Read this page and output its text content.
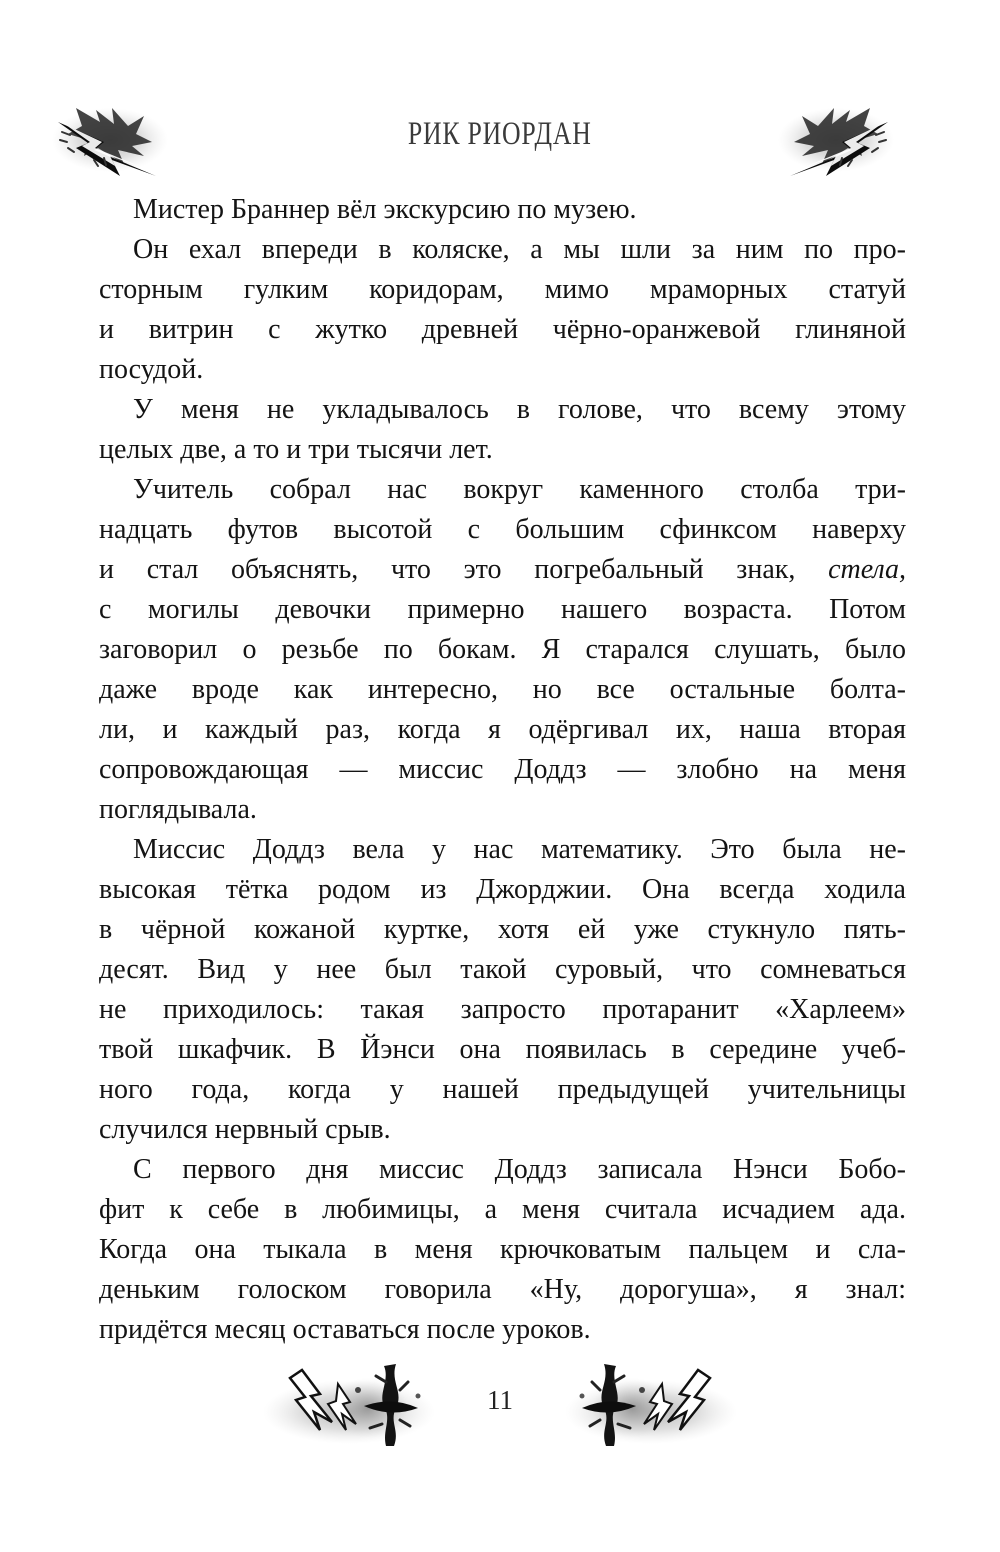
РИК РИОРДАН
Мистер Браннер вёл экскурсию по музею.
Он ехал впереди в коляске, а мы шли за ним по про-
сторным гулким коридорам, мимо мраморных статуй
и витрин с жутко древней чёрно-оранжевой глиняной
посудой.
У меня не укладывалось в голове, что всему этому
целых две, а то и три тысячи лет.
Учитель собрал нас вокруг каменного столба три-
надцать футов высотой с большим сфинксом наверху
и стал объяснять, что это погребальный знак, стела,
с могилы девочки примерно нашего возраста. Потом
заговорил о резьбе по бокам. Я старался слушать, было
даже вроде как интересно, но все остальные болта-
ли, и каждый раз, когда я одёргивал их, наша вторая
сопровождающая — миссис Доддз — злобно на меня
поглядывала.
Миссис Доддз вела у нас математику. Это была не-
высокая тётка родом из Джорджии. Она всегда ходила
в чёрной кожаной куртке, хотя ей уже стукнуло пять-
десят. Вид у нее был такой суровый, что сомневаться
не приходилось: такая запросто протаранит «Харлеем»
твой шкафчик. В Йэнси она появилась в середине учеб-
ного года, когда у нашей предыдущей учительницы
случился нервный срыв.
С первого дня миссис Доддз записала Нэнси Бобо-
фит к себе в любимицы, а меня считала исчадием ада.
Когда она тыкала в меня крючковатым пальцем и сла-
деньким голоском говорила «Ну, дорогуша», я знал:
придётся месяц оставаться после уроков.
11
